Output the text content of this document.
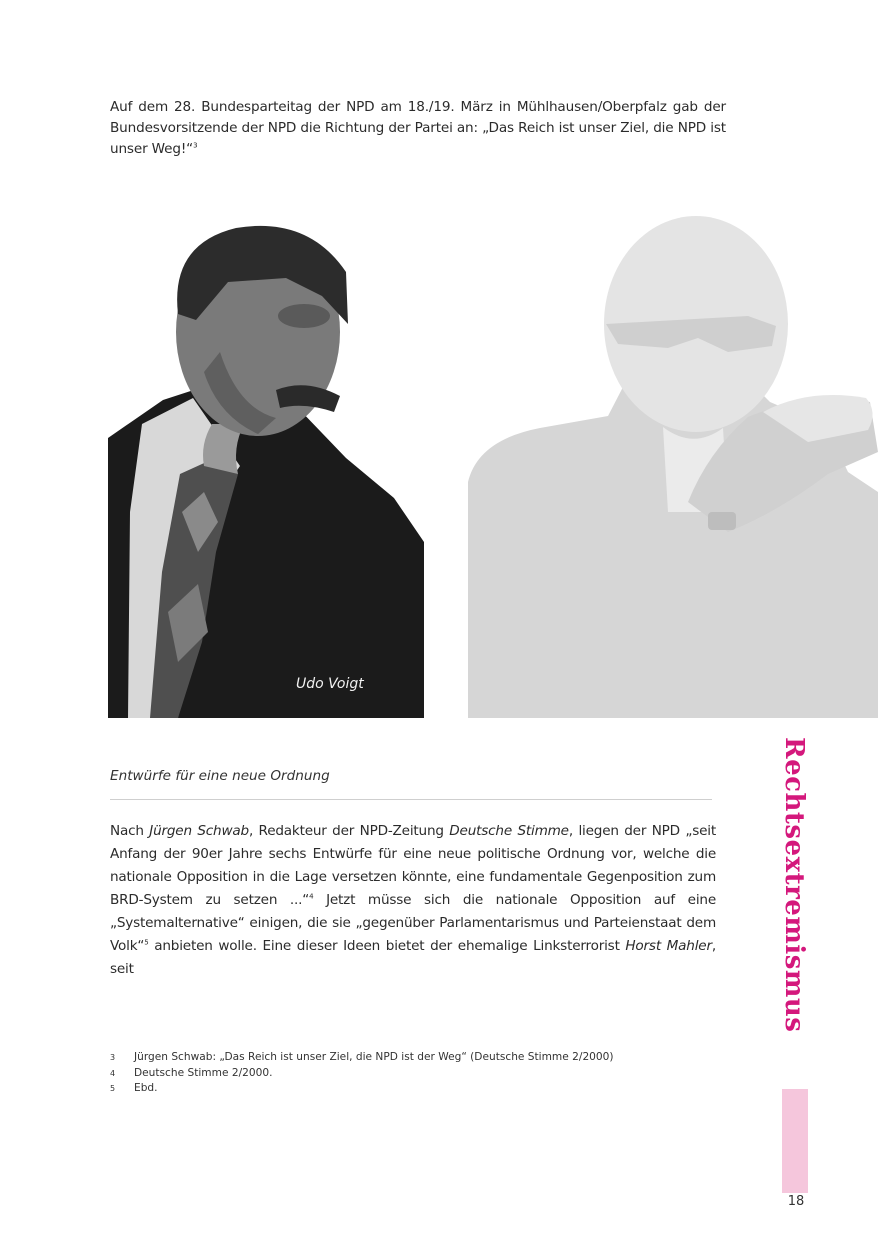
Auf dem 28. Bundesparteitag der NPD am 18./19. März in Mühlhausen/Oberpfalz gab der Bundesvorsitzende der NPD die Richtung der Partei an: „Das Reich ist unser Ziel, die NPD ist unser Weg!“$^3$
Udo Voigt
Entwürfe für eine neue Ordnung
Nach Jürgen Schwab, Redakteur der NPD-Zeitung Deutsche Stimme, liegen der NPD „seit Anfang der 90er Jahre sechs Entwürfe für eine neue politische Ordnung vor, welche die nationale Opposition in die Lage versetzen könnte, eine fundamentale Gegenposition zum BRD-System zu setzen ...“$^4$ Jetzt müsse sich die nationale Opposition auf eine „Systemalternative“ einigen, die sie „gegenüber Parlamentarismus und Parteienstaat dem Volk“$^5$ anbieten wolle. Eine dieser Ideen bietet der ehemalige Linksterrorist Horst Mahler, seit
3	Jürgen Schwab: „Das Reich ist unser Ziel, die NPD ist der Weg“ (Deutsche Stimme 2/2000)
4	Deutsche Stimme 2/2000.
5	Ebd.
Rechtsextremismus
18
